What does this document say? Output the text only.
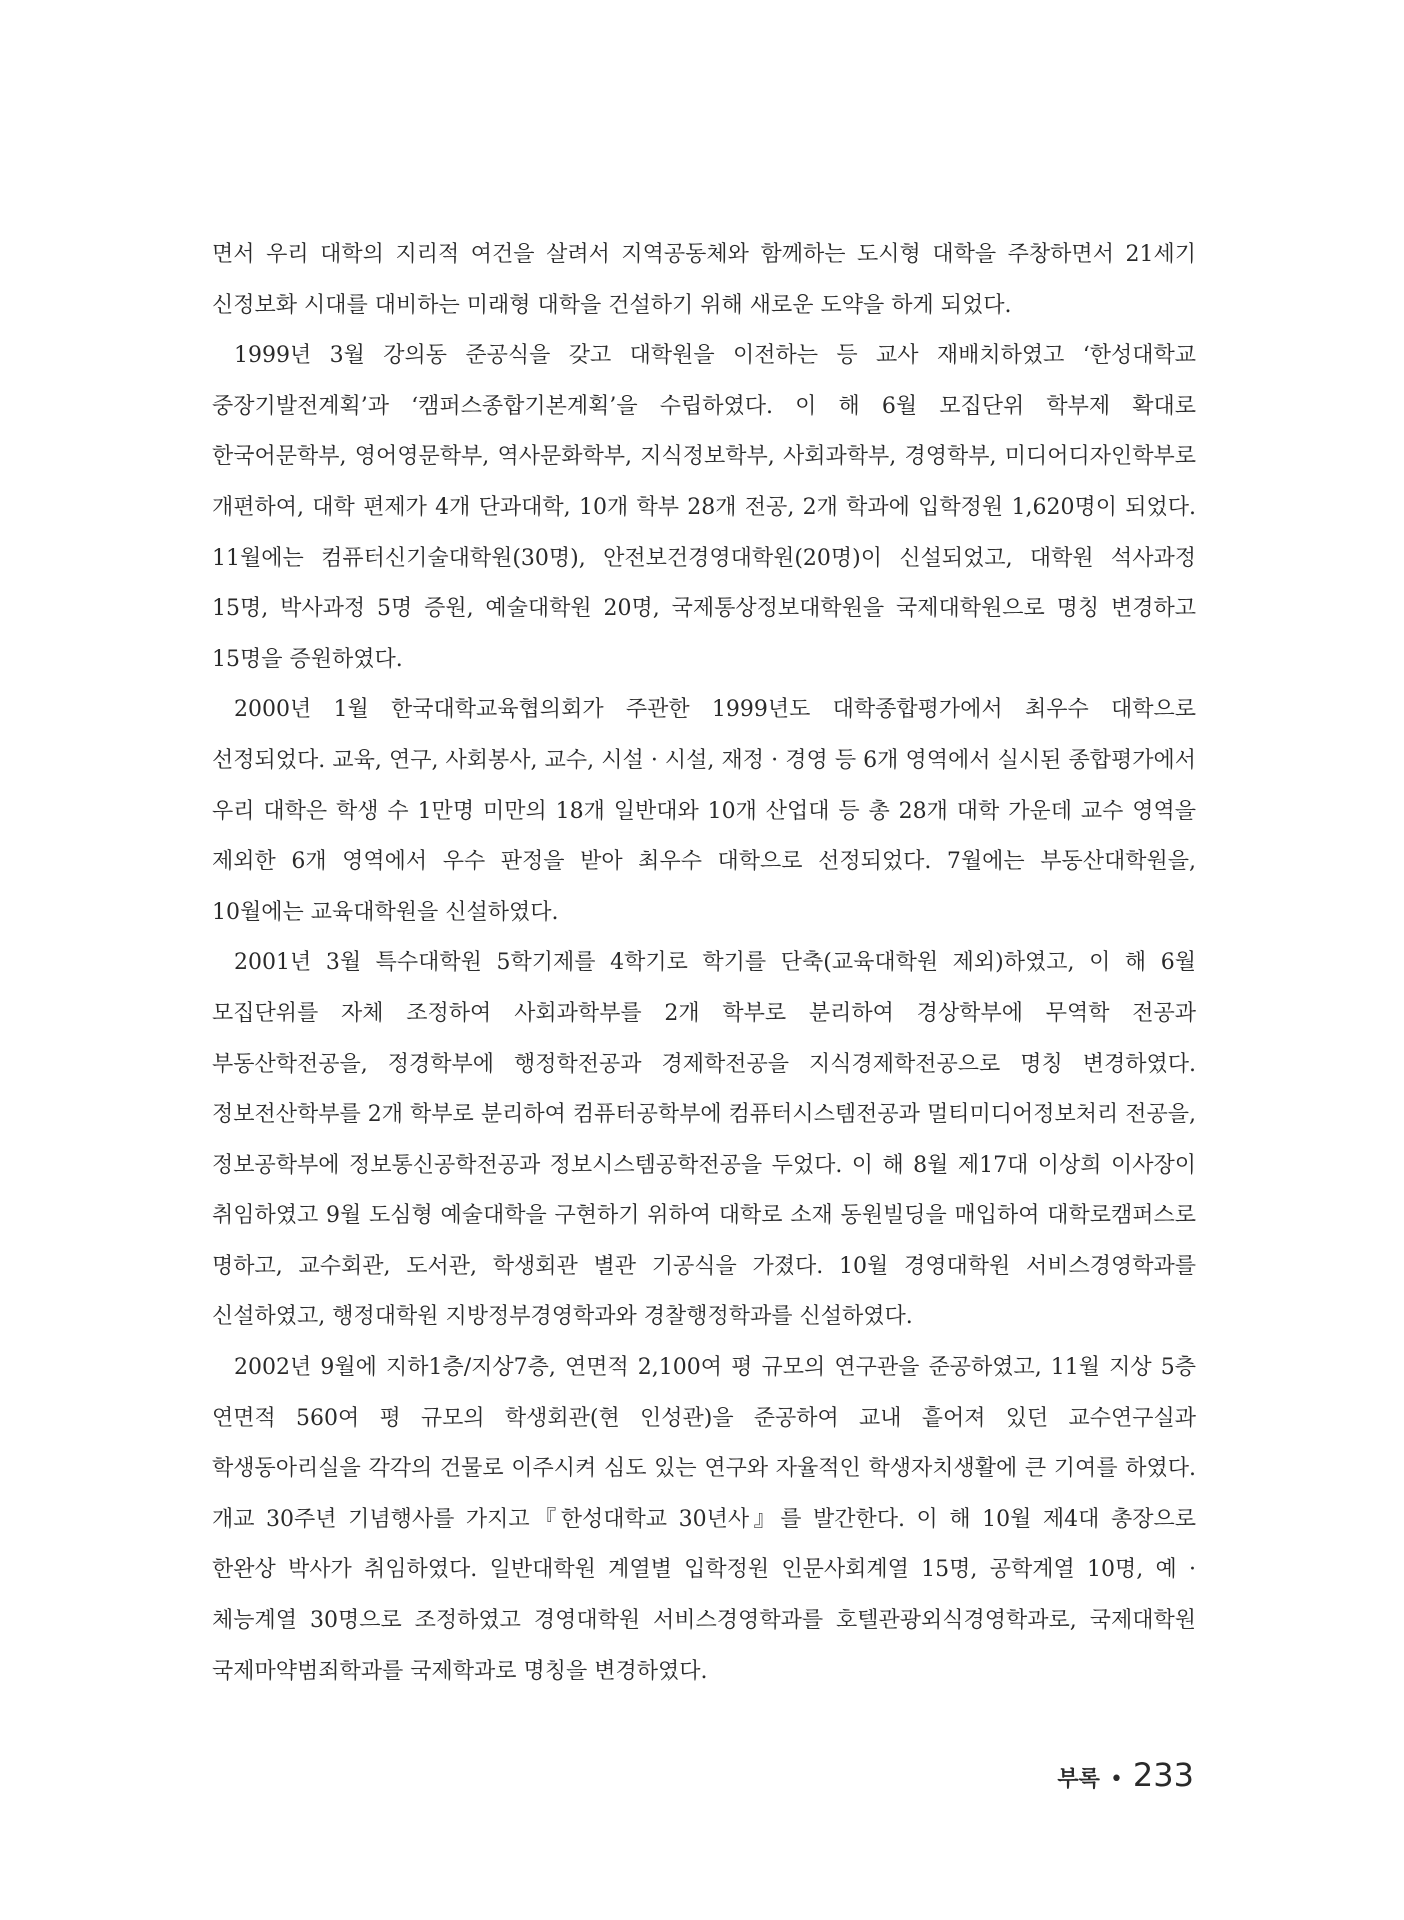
면서 우리 대학의 지리적 여건을 살려서 지역공동체와 함께하는 도시형 대학을 주창하면서 21세기 신정보화 시대를 대비하는 미래형 대학을 건설하기 위해 새로운 도약을 하게 되었다.

1999년 3월 강의동 준공식을 갖고 대학원을 이전하는 등 교사 재배치하였고 ‘한성대학교 중장기발전계획’과 ‘캠퍼스종합기본계획’을 수립하였다. 이 해 6월 모집단위 학부제 확대로 한국어문학부, 영어영문학부, 역사문화학부, 지식정보학부, 사회과학부, 경영학부, 미디어디자인학부로 개편하여, 대학 편제가 4개 단과대학, 10개 학부 28개 전공, 2개 학과에 입학정원 1,620명이 되었다. 11월에는 컴퓨터신기술대학원(30명), 안전보건경영대학원(20명)이 신설되었고, 대학원 석사과정 15명, 박사과정 5명 증원, 예술대학원 20명, 국제통상정보대학원을 국제대학원으로 명칭 변경하고 15명을 증원하였다.

2000년 1월 한국대학교육협의회가 주관한 1999년도 대학종합평가에서 최우수 대학으로 선정되었다. 교육, 연구, 사회봉사, 교수, 시설 · 시설, 재정 · 경영 등 6개 영역에서 실시된 종합평가에서 우리 대학은 학생 수 1만명 미만의 18개 일반대와 10개 산업대 등 총 28개 대학 가운데 교수 영역을 제외한 6개 영역에서 우수 판정을 받아 최우수 대학으로 선정되었다. 7월에는 부동산대학원을, 10월에는 교육대학원을 신설하였다.

2001년 3월 특수대학원 5학기제를 4학기로 학기를 단축(교육대학원 제외)하였고, 이 해 6월 모집단위를 자체 조정하여 사회과학부를 2개 학부로 분리하여 경상학부에 무역학 전공과 부동산학전공을, 정경학부에 행정학전공과 경제학전공을 지식경제학전공으로 명칭 변경하였다. 정보전산학부를 2개 학부로 분리하여 컴퓨터공학부에 컴퓨터시스템전공과 멀티미디어정보처리 전공을, 정보공학부에 정보통신공학전공과 정보시스템공학전공을 두었다. 이 해 8월 제17대 이상희 이사장이 취임하였고 9월 도심형 예술대학을 구현하기 위하여 대학로 소재 동원빌딩을 매입하여 대학로캠퍼스로 명하고, 교수회관, 도서관, 학생회관 별관 기공식을 가졌다. 10월 경영대학원 서비스경영학과를 신설하였고, 행정대학원 지방정부경영학과와 경찰행정학과를 신설하였다.

2002년 9월에 지하1층/지상7층, 연면적 2,100여 평 규모의 연구관을 준공하였고, 11월 지상 5층 연면적 560여 평 규모의 학생회관(현 인성관)을 준공하여 교내 흩어져 있던 교수연구실과 학생동아리실을 각각의 건물로 이주시켜 심도 있는 연구와 자율적인 학생자치생활에 큰 기여를 하였다. 개교 30주년 기념행사를 가지고『한성대학교 30년사』를 발간한다. 이 해 10월 제4대 총장으로 한완상 박사가 취임하였다. 일반대학원 계열별 입학정원 인문사회계열 15명, 공학계열 10명, 예 · 체능계열 30명으로 조정하였고 경영대학원 서비스경영학과를 호텔관광외식경영학과로, 국제대학원 국제마약범죄학과를 국제학과로 명칭을 변경하였다.

부록 • 233
